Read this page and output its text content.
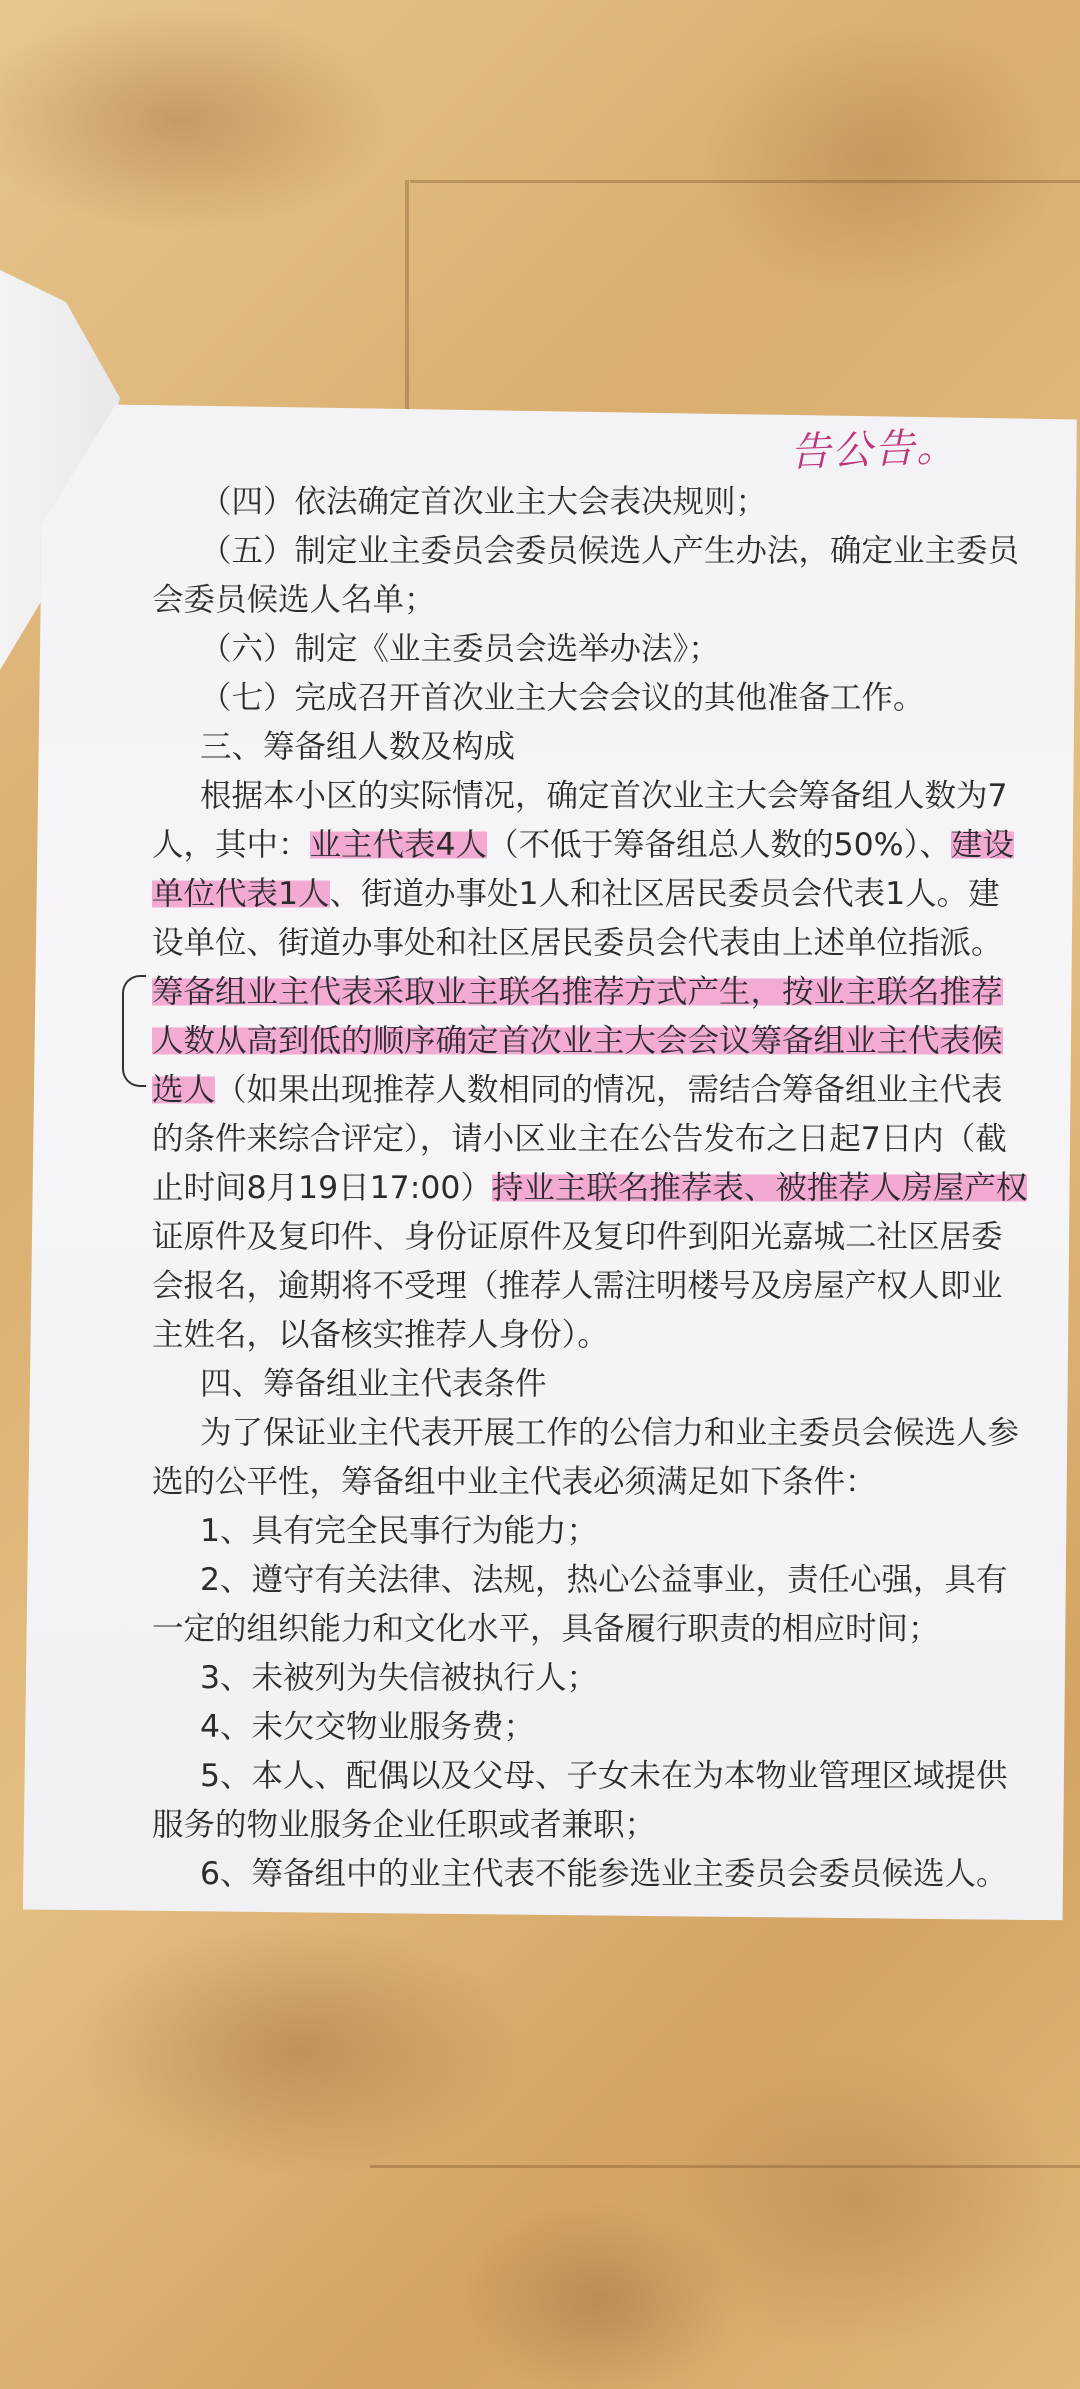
告公告。
（四）依法确定首次业主大会表决规则；
（五）制定业主委员会委员候选人产生办法，确定业主委员
会委员候选人名单；
（六）制定《业主委员会选举办法》；
（七）完成召开首次业主大会会议的其他准备工作。
三、筹备组人数及构成
根据本小区的实际情况，确定首次业主大会筹备组人数为7
人，其中：业主代表4人（不低于筹备组总人数的50%）、建设
单位代表1人、街道办事处1人和社区居民委员会代表1人。建
设单位、街道办事处和社区居民委员会代表由上述单位指派。
筹备组业主代表采取业主联名推荐方式产生，按业主联名推荐
人数从高到低的顺序确定首次业主大会会议筹备组业主代表候
选人（如果出现推荐人数相同的情况，需结合筹备组业主代表
的条件来综合评定），请小区业主在公告发布之日起7日内（截
止时间8月19日17:00）持业主联名推荐表、被推荐人房屋产权
证原件及复印件、身份证原件及复印件到阳光嘉城二社区居委
会报名，逾期将不受理（推荐人需注明楼号及房屋产权人即业
主姓名，以备核实推荐人身份）。
四、筹备组业主代表条件
为了保证业主代表开展工作的公信力和业主委员会候选人参
选的公平性，筹备组中业主代表必须满足如下条件：
1、具有完全民事行为能力；
2、遵守有关法律、法规，热心公益事业，责任心强，具有
一定的组织能力和文化水平，具备履行职责的相应时间；
3、未被列为失信被执行人；
4、未欠交物业服务费；
5、本人、配偶以及父母、子女未在为本物业管理区域提供
服务的物业服务企业任职或者兼职；
6、筹备组中的业主代表不能参选业主委员会委员候选人。
